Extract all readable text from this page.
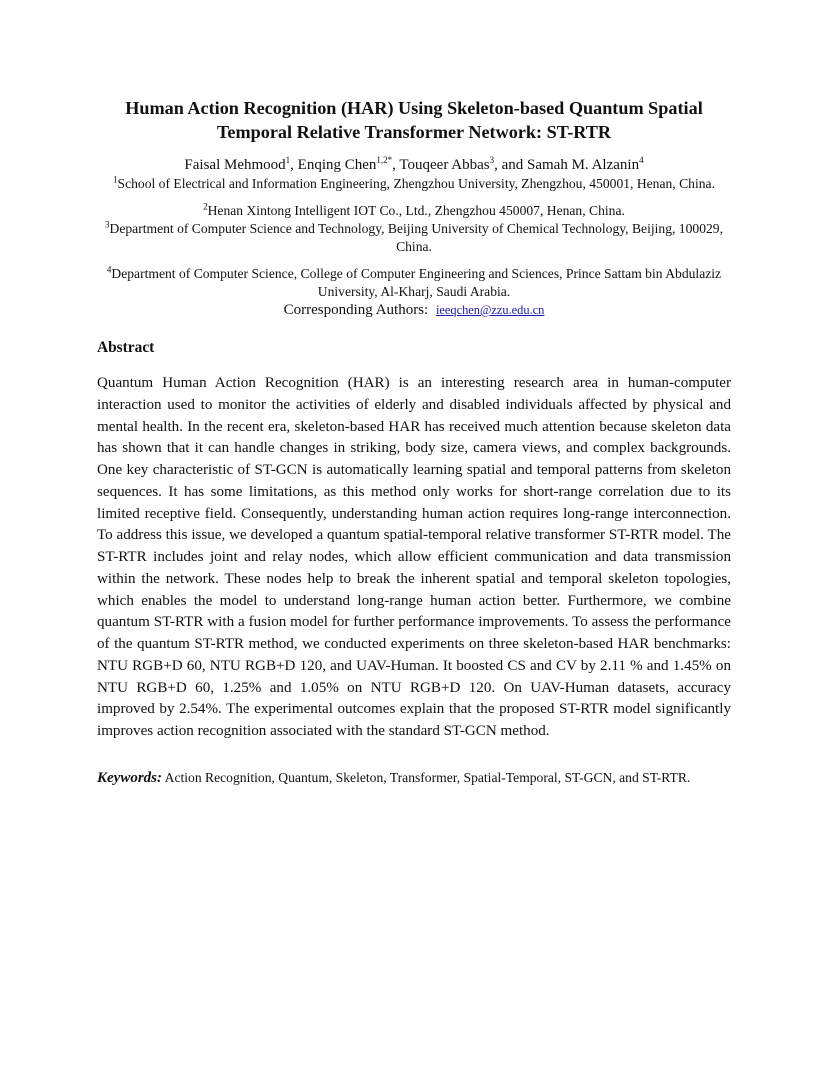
Human Action Recognition (HAR) Using Skeleton-based Quantum Spatial
Temporal Relative Transformer Network: ST-RTR
Faisal Mehmood$^1$, Enqing Chen$^{1,2*}$, Touqeer Abbas$^3$, and Samah M. Alzanin$^4$
$^1$School of Electrical and Information Engineering, Zhengzhou University, Zhengzhou, 450001, Henan, China.
$^2$Henan Xintong Intelligent IOT Co., Ltd., Zhengzhou 450007, Henan, China.
$^3$Department of Computer Science and Technology, Beijing University of Chemical Technology, Beijing, 100029, China.
$^4$Department of Computer Science, College of Computer Engineering and Sciences, Prince Sattam bin Abdulaziz University, Al-Kharj, Saudi Arabia.
Corresponding Authors: ieeqchen@zzu.edu.cn
Abstract

Quantum Human Action Recognition (HAR) is an interesting research area in human-computer interaction used to monitor the activities of elderly and disabled individuals affected by physical and mental health. In the recent era, skeleton-based HAR has received much attention because skeleton data has shown that it can handle changes in striking, body size, camera views, and complex backgrounds. One key characteristic of ST-GCN is automatically learning spatial and temporal patterns from skeleton sequences. It has some limitations, as this method only works for short-range correlation due to its limited receptive field. Consequently, understanding human action requires long-range interconnection. To address this issue, we developed a quantum spatial-temporal relative transformer ST-RTR model. The ST-RTR includes joint and relay nodes, which allow efficient communication and data transmission within the network. These nodes help to break the inherent spatial and temporal skeleton topologies, which enables the model to understand long-range human action better. Furthermore, we combine quantum ST-RTR with a fusion model for further performance improvements. To assess the performance of the quantum ST-RTR method, we conducted experiments on three skeleton-based HAR benchmarks: NTU RGB+D 60, NTU RGB+D 120, and UAV-Human. It boosted CS and CV by 2.11 % and 1.45% on NTU RGB+D 60, 1.25% and 1.05% on NTU RGB+D 120. On UAV-Human datasets, accuracy improved by 2.54%. The experimental outcomes explain that the proposed ST-RTR model significantly improves action recognition associated with the standard ST-GCN method.

Keywords: Action Recognition, Quantum, Skeleton, Transformer, Spatial-Temporal, ST-GCN, and ST-RTR.
